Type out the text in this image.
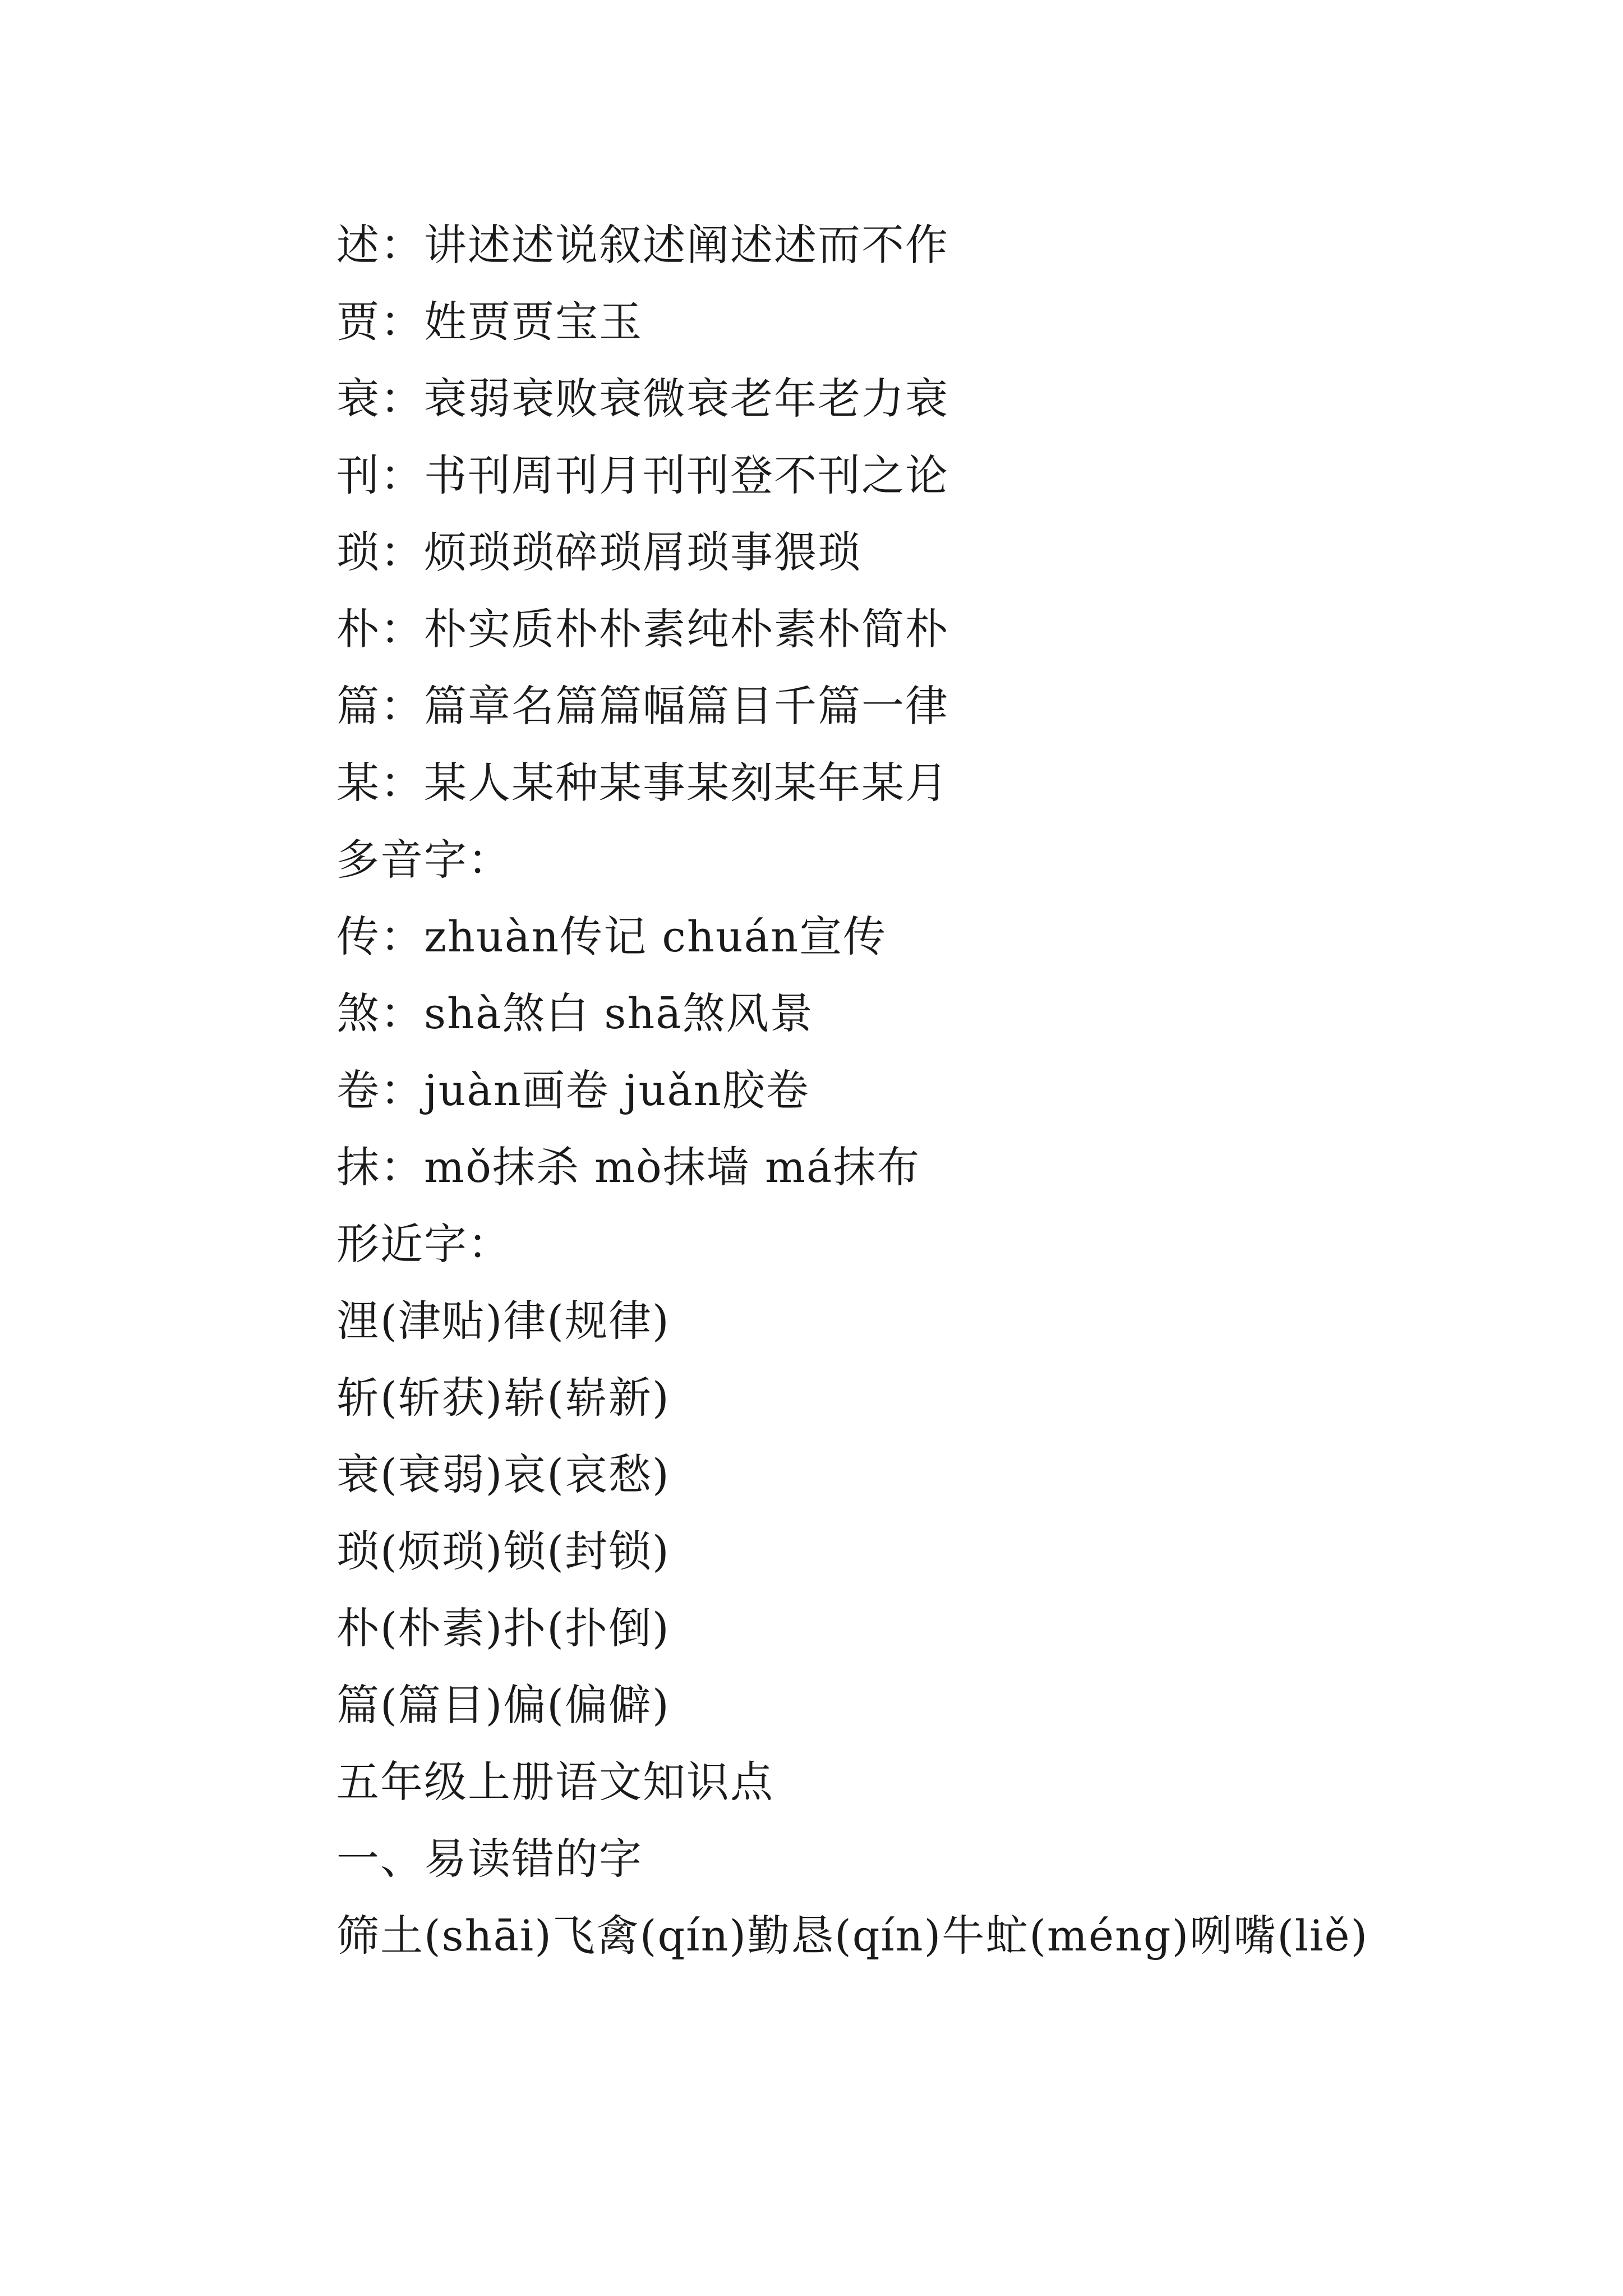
述：讲述述说叙述阐述述而不作
贾：姓贾贾宝玉
衰：衰弱衰败衰微衰老年老力衰
刊：书刊周刊月刊刊登不刊之论
琐：烦琐琐碎琐屑琐事猥琐
朴：朴实质朴朴素纯朴素朴简朴
篇：篇章名篇篇幅篇目千篇一律
某：某人某种某事某刻某年某月
多音字：
传：zhuàn传记 chuán宣传
煞：shà煞白 shā煞风景
卷：juàn画卷 juǎn胶卷
抹：mǒ抹杀 mò抹墙 má抹布
形近字：
浬(津贴)律(规律)
斩(斩获)崭(崭新)
衰(衰弱)哀(哀愁)
琐(烦琐)锁(封锁)
朴(朴素)扑(扑倒)
篇(篇目)偏(偏僻)
五年级上册语文知识点
一、易读错的字
筛土(shāi)飞禽(qín)勤恳(qín)牛虻(méng)咧嘴(liě)
